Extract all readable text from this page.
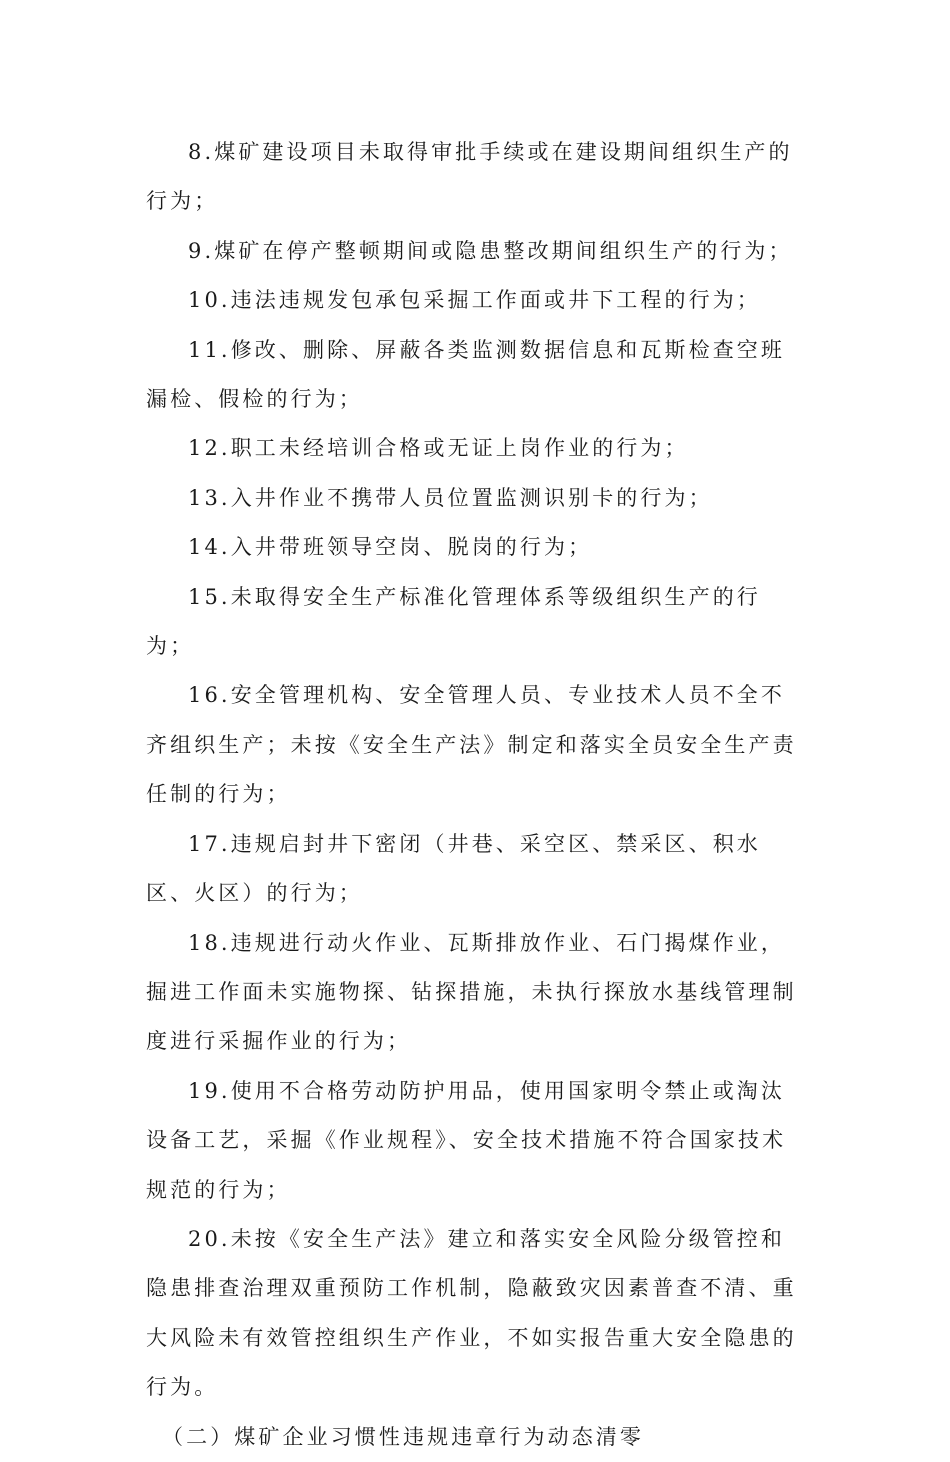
8.煤矿建设项目未取得审批手续或在建设期间组织生产的行为；

9.煤矿在停产整顿期间或隐患整改期间组织生产的行为；

10.违法违规发包承包采掘工作面或井下工程的行为；

11.修改、删除、屏蔽各类监测数据信息和瓦斯检查空班漏检、假检的行为；

12.职工未经培训合格或无证上岗作业的行为；

13.入井作业不携带人员位置监测识别卡的行为；

14.入井带班领导空岗、脱岗的行为；

15.未取得安全生产标准化管理体系等级组织生产的行为；

16.安全管理机构、安全管理人员、专业技术人员不全不齐组织生产；未按《安全生产法》制定和落实全员安全生产责任制的行为；

17.违规启封井下密闭（井巷、采空区、禁采区、积水区、火区）的行为；

18.违规进行动火作业、瓦斯排放作业、石门揭煤作业，掘进工作面未实施物探、钻探措施，未执行探放水基线管理制度进行采掘作业的行为；

19.使用不合格劳动防护用品，使用国家明令禁止或淘汰设备工艺，采掘《作业规程》、安全技术措施不符合国家技术规范的行为；

20.未按《安全生产法》建立和落实安全风险分级管控和隐患排查治理双重预防工作机制，隐蔽致灾因素普查不清、重大风险未有效管控组织生产作业，不如实报告重大安全隐患的行为。

（二）煤矿企业习惯性违规违章行为动态清零
